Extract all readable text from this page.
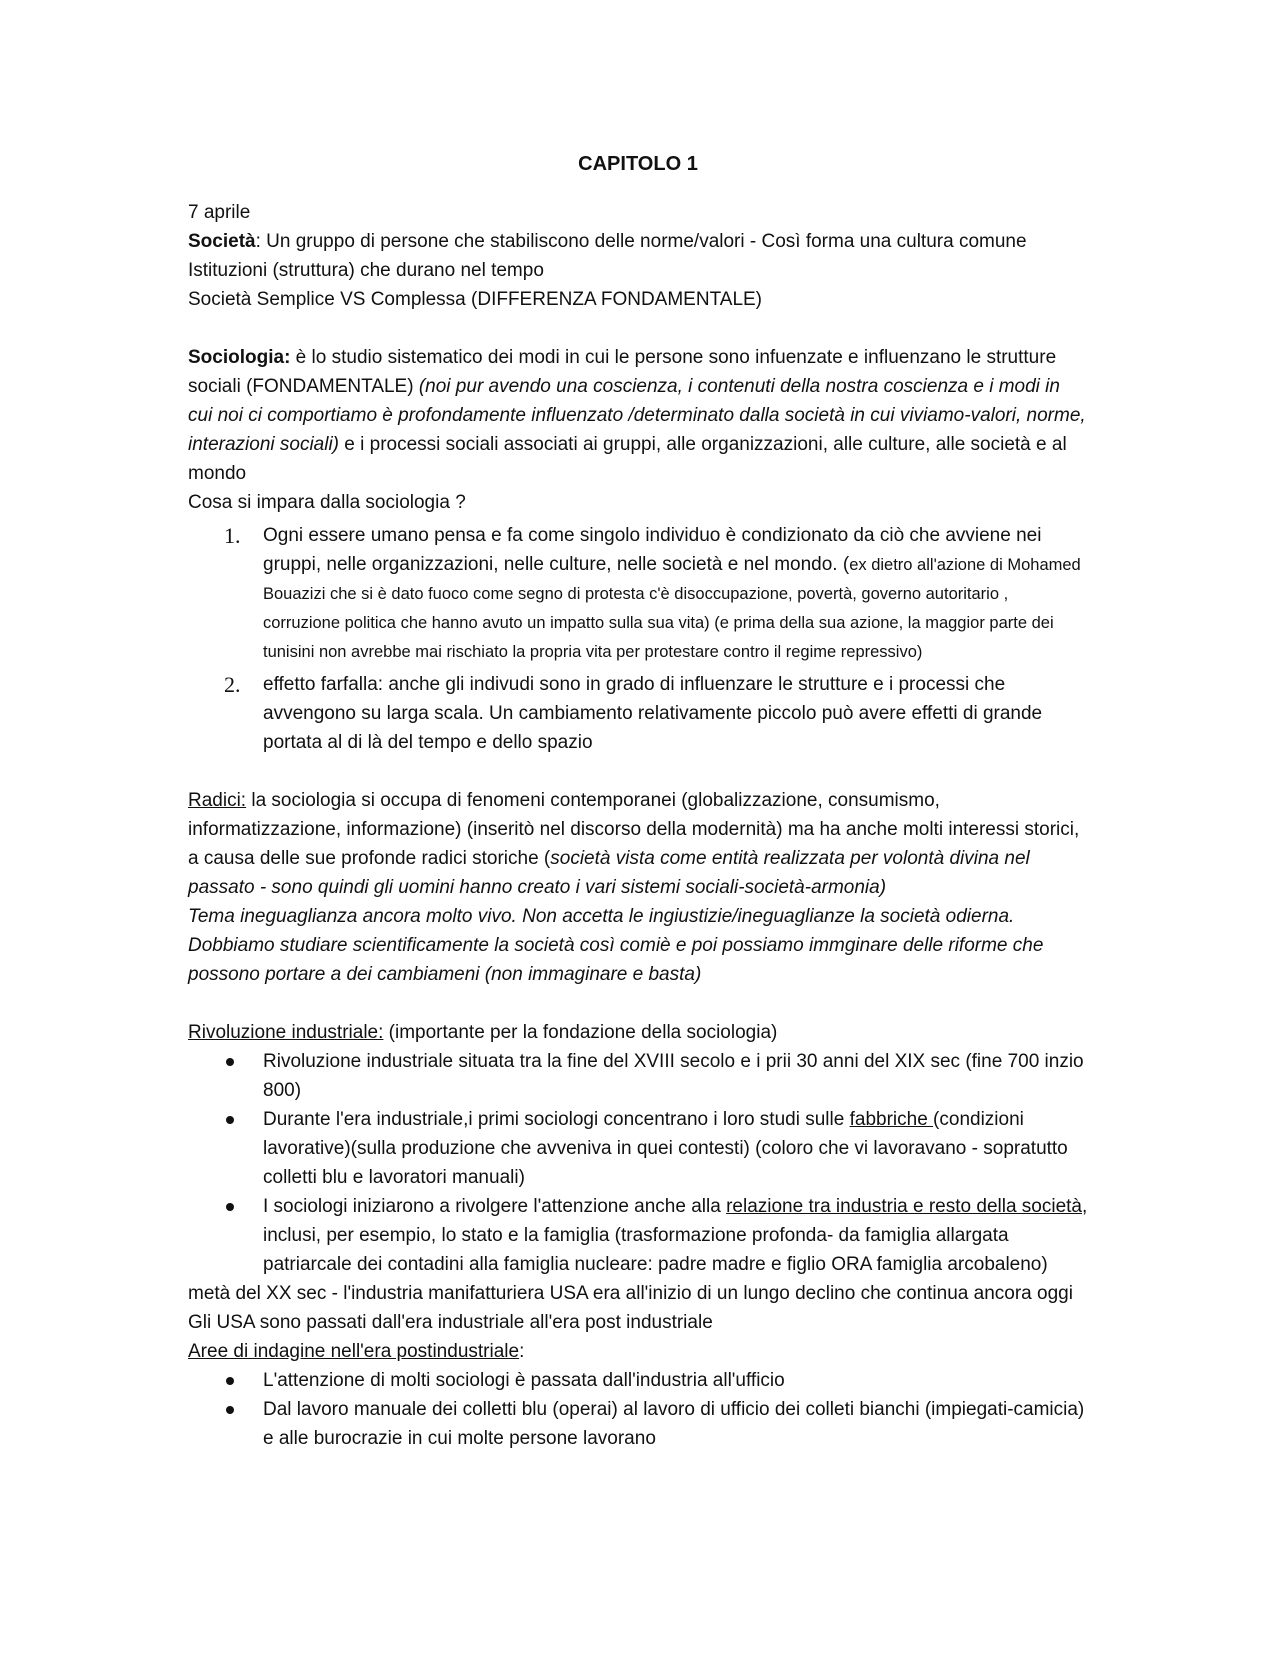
CAPITOLO 1

7 aprile

Società: Un gruppo di persone che stabiliscono delle norme/valori - Così forma una cultura comune

Istituzioni (struttura) che durano nel tempo

Società Semplice VS Complessa (DIFFERENZA FONDAMENTALE)

Sociologia: è lo studio sistematico dei modi in cui le persone sono infuenzate e influenzano le strutture sociali (FONDAMENTALE) (noi pur avendo una coscienza, i contenuti della nostra coscienza e i modi in cui noi ci comportiamo è profondamente influenzato /determinato dalla società in cui viviamo-valori, norme, interazioni sociali) e i processi sociali associati ai gruppi, alle organizzazioni, alle culture, alle società e al mondo

Cosa si impara dalla sociologia ?

1. Ogni essere umano pensa e fa come singolo individuo è condizionato da ciò che avviene nei gruppi, nelle organizzazioni, nelle culture, nelle società e nel mondo. (ex dietro all'azione di Mohamed Bouazizi che si è dato fuoco come segno di protesta c'è disoccupazione, povertà, governo autoritario , corruzione politica che hanno avuto un impatto sulla sua vita) (e prima della sua azione, la maggior parte dei tunisini non avrebbe mai rischiato la propria vita per protestare contro il regime repressivo)
2. effetto farfalla: anche gli indivudi sono in grado di influenzare le strutture e i processi che avvengono su larga scala. Un cambiamento relativamente piccolo può avere effetti di grande portata al di là del tempo e dello spazio

Radici: la sociologia si occupa di fenomeni contemporanei (globalizzazione, consumismo, informatizzazione, informazione) (inseritò nel discorso della modernità) ma ha anche molti interessi storici, a causa delle sue profonde radici storiche (società vista come entità realizzata per volontà divina nel passato - sono quindi gli uomini hanno creato i vari sistemi sociali-società-armonia)

Tema ineguaglianza ancora molto vivo. Non accetta le ingiustizie/ineguaglianze la società odierna. Dobbiamo studiare scientificamente la società così comiè e poi possiamo immginare delle riforme che possono portare a dei cambiameni (non immaginare e basta)

Rivoluzione industriale: (importante per la fondazione della sociologia)

Rivoluzione industriale situata tra la fine del XVIII secolo e i prii 30 anni del XIX sec (fine 700 inzio 800)
Durante l'era industriale,i primi sociologi concentrano i loro studi sulle fabbriche (condizioni lavorative)(sulla produzione che avveniva in quei contesti) (coloro che vi lavoravano - sopratutto colletti blu e lavoratori manuali)
I sociologi iniziarono a rivolgere l'attenzione anche alla relazione tra industria e resto della società, inclusi, per esempio, lo stato e la famiglia (trasformazione profonda- da famiglia allargata patriarcale dei contadini alla famiglia nucleare: padre madre e figlio ORA famiglia arcobaleno)

metà del XX sec - l'industria manifatturiera USA era all'inizio di un lungo declino che continua ancora oggi

Gli USA sono passati dall'era industriale all'era post industriale

Aree di indagine nell'era postindustriale:

L'attenzione di molti sociologi è passata dall'industria all'ufficio
Dal lavoro manuale dei colletti blu (operai) al lavoro di ufficio dei colleti bianchi (impiegati-camicia) e alle burocrazie in cui molte persone lavorano
